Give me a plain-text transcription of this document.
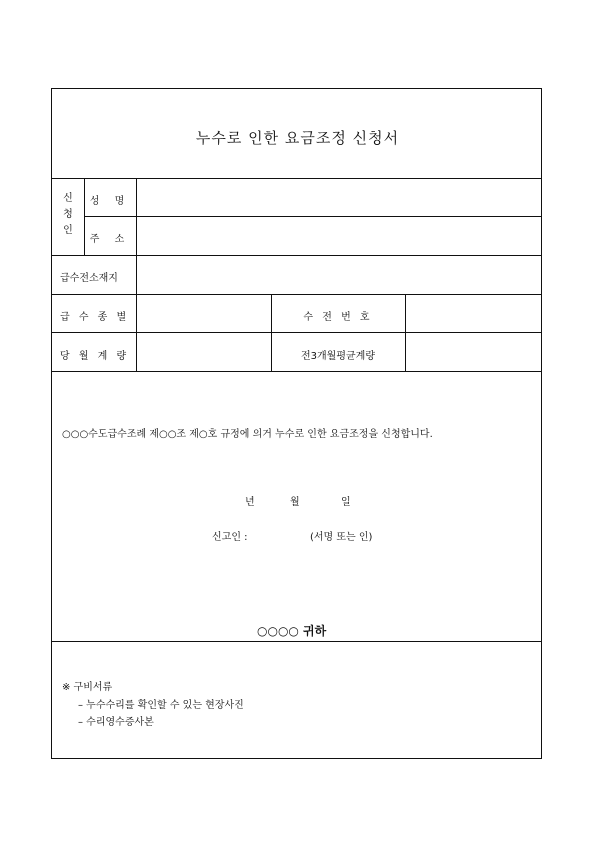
누수로 인한 요금조정 신청서
신
청
인
성 명
주 소
급수전소재지
급 수 종 별	수 전 번 호
당 월 계 량	전3개월평균계량
○○○수도급수조례 제○○조 제○호 규정에 의거 누수로 인한 요금조정을 신청합니다.
년	월	일
신고인 :	(서명 또는 인)
○○○○ 귀하
※ 구비서류
– 누수수리를 확인할 수 있는 현장사진
– 수리영수증사본
